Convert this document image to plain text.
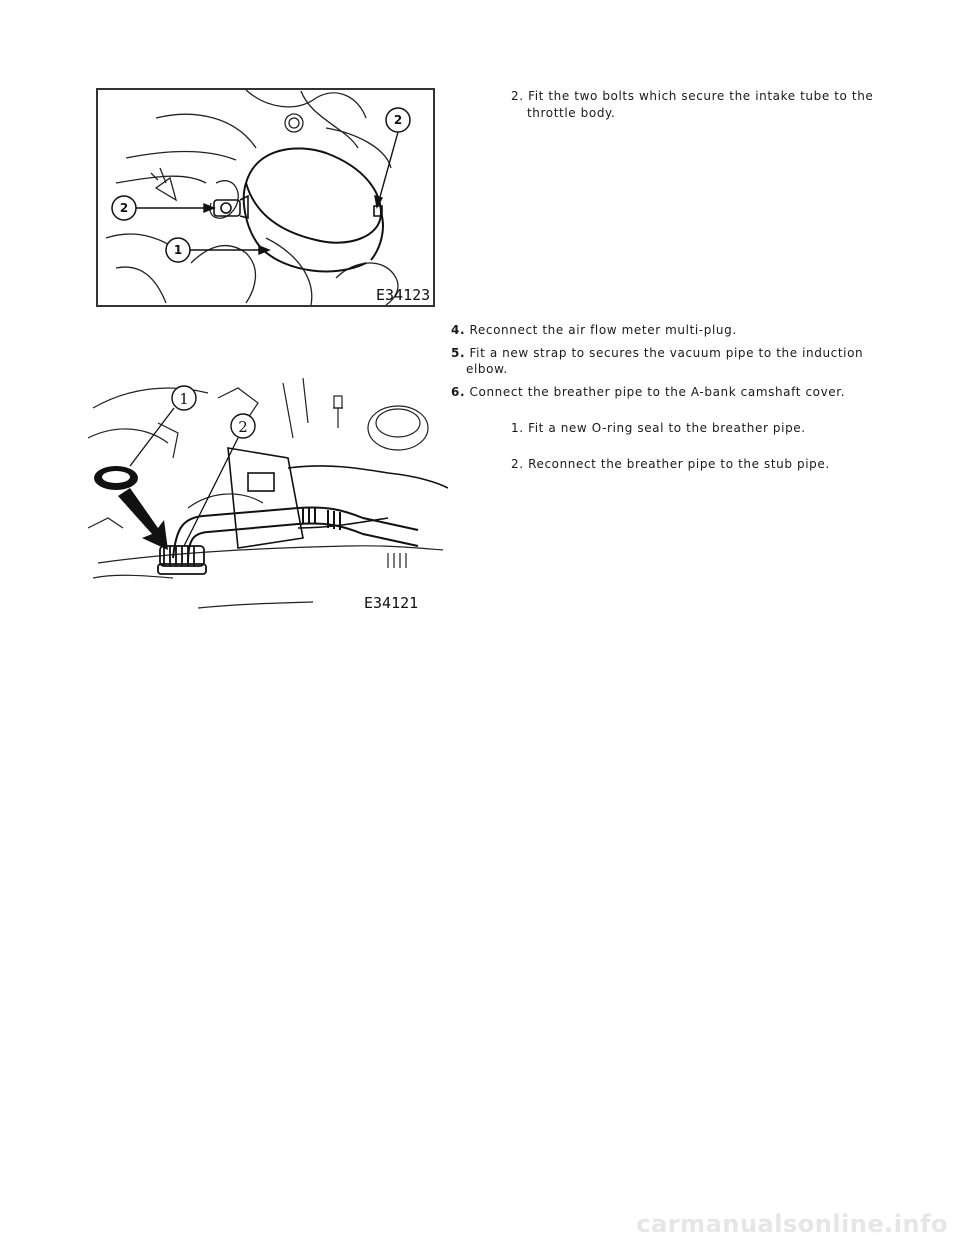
2
1
2
E34123
1
2
E34121
2. Fit the two bolts which secure the intake tube to the
throttle body.
4. Reconnect the air flow meter multi-plug.
5. Fit a new strap to secures the vacuum pipe to the induction
elbow.
6. Connect the breather pipe to the A-bank camshaft cover.
1. Fit a new O-ring seal to the breather pipe.
2. Reconnect the breather pipe to the stub pipe.
carmanualsonline.info
